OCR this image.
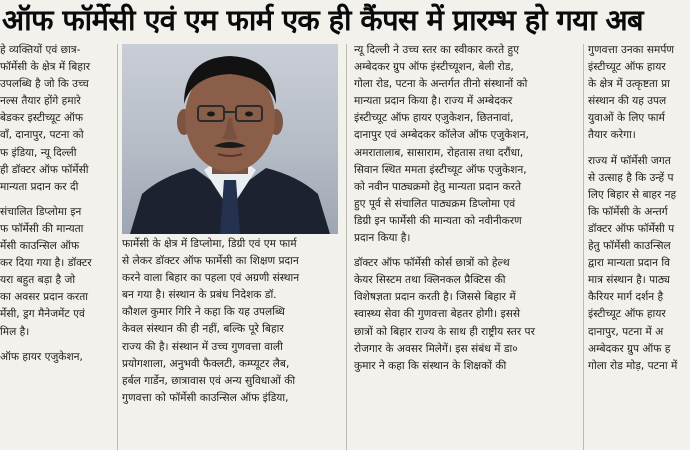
ऑफ फॉर्मेसी एवं एम फार्म एक ही कैंपस में प्रारम्भ हो गया अब

हे व्यक्तियों एवं छात्र-

फॉर्मेसी के क्षेत्र में बिहार

उपलब्धि है जो कि उच्च

नल्स तैयार होंगे हमारे

बेडकर इस्टीच्यूट ऑफ

वाँ, दानापुर, पटना को

फ इंडिया, न्यू दिल्ली

ही डॉक्टर ऑफ फॉर्मेसी

मान्यता प्रदान कर दी

संचालित डिप्लोमा इन

फ फॉर्मेसी की मान्यता

र्मेसी काउन्सिल ऑफ

कर दिया गया है। डॉक्टर

यरा बहुत बड़ा है जो

का अवसर प्रदान करता

र्मेसी, ड्रग मैनेजमेंट एवं

मिल है।

ऑफ हायर एजुकेशन,

फार्मेसी के क्षेत्र में डिप्लोमा, डिग्री एवं एम फार्म

से लेकर डॉक्टर ऑफ फार्मेसी का शिक्षण प्रदान

करने वाला बिहार का पहला एवं अग्रणी संस्थान

बन गया है। संस्थान के प्रबंध निदेशक डॉ.

कौशल कुमार गिरि ने कहा कि यह उपलब्धि

केवल संस्थान की ही नहीं, बल्कि पूरे बिहार

राज्य की है। संस्थान में उच्च गुणवत्ता वाली

प्रयोगशाला, अनुभवी फैक्लटी, कम्प्यूटर लैब,

हर्बल गार्डेन, छात्रावास एवं अन्य सुविधाओं की

गुणवत्ता को फॉर्मेसी काउन्सिल ऑफ इंडिया,

न्यू दिल्ली ने उच्च स्तर का स्वीकार करते हुए

अम्बेदकर ग्रुप ऑफ इंस्टीच्यूशन, बेली रोड,

गोला रोड, पटना के अन्तर्गत तीनो संस्थानों को

मान्यता प्रदान किया है। राज्य में अम्बेदकर

इंस्टीच्यूट ऑफ हायर एजुकेशन, छितनावां,

दानापुर एवं अम्बेदकर कॉलेज ऑफ एजुकेशन,

अमरातालाब, सासाराम, रोहतास तथा दरौंधा,

सिवान स्थित ममता इंस्टीच्यूट ऑफ एजुकेशन,

को नवीन पाठ्यक्रमो हेतु मान्यता प्रदान करते

हुए पूर्व से संचालित पाठ्यक्रम डिप्लोमा एवं

डिग्री इन फार्मेसी की मान्यता को नवीनीकरण

प्रदान किया है।

डॉक्टर ऑफ फॉर्मेसी कोर्स छात्रों को हेल्थ

केयर सिस्टम तथा क्लिनकल प्रैक्टिस की

विशेषज्ञता प्रदान करती है। जिससे बिहार में

स्वास्थ्य सेवा की गुणवत्ता बेहतर होगी। इससे

छात्रों को बिहार राज्य के साथ ही राष्ट्रीय स्तर पर

रोजगार के अवसर मिलेगें। इस संबंध में डा०

कुमार ने कहा कि संस्थान के शिक्षकों की

गुणवत्ता उनका समर्पण

इंस्टीच्यूट ऑफ हायर

के क्षेत्र में उत्कृष्टता प्रा

संस्थान की यह उपल

युवाओं के लिए फार्म

तैयार करेगा।

राज्य में फॉर्मेसी जगत

से उत्साह है कि उन्हें प

लिए बिहार से बाहर नह

कि फॉर्मेसी के अन्तर्ग

डॉक्टर ऑफ फॉर्मेसी प

हेतु फॉर्मेसी काउन्सिल

द्वारा मान्यता प्रदान वि

मात्र संस्थान है। पाठ्य

कैरियर मार्ग दर्शन है

इंस्टीच्यूट ऑफ हायर

दानापुर, पटना में अ

अम्बेदकर ग्रुप ऑफ ह

गोला रोड मोड़, पटना में
